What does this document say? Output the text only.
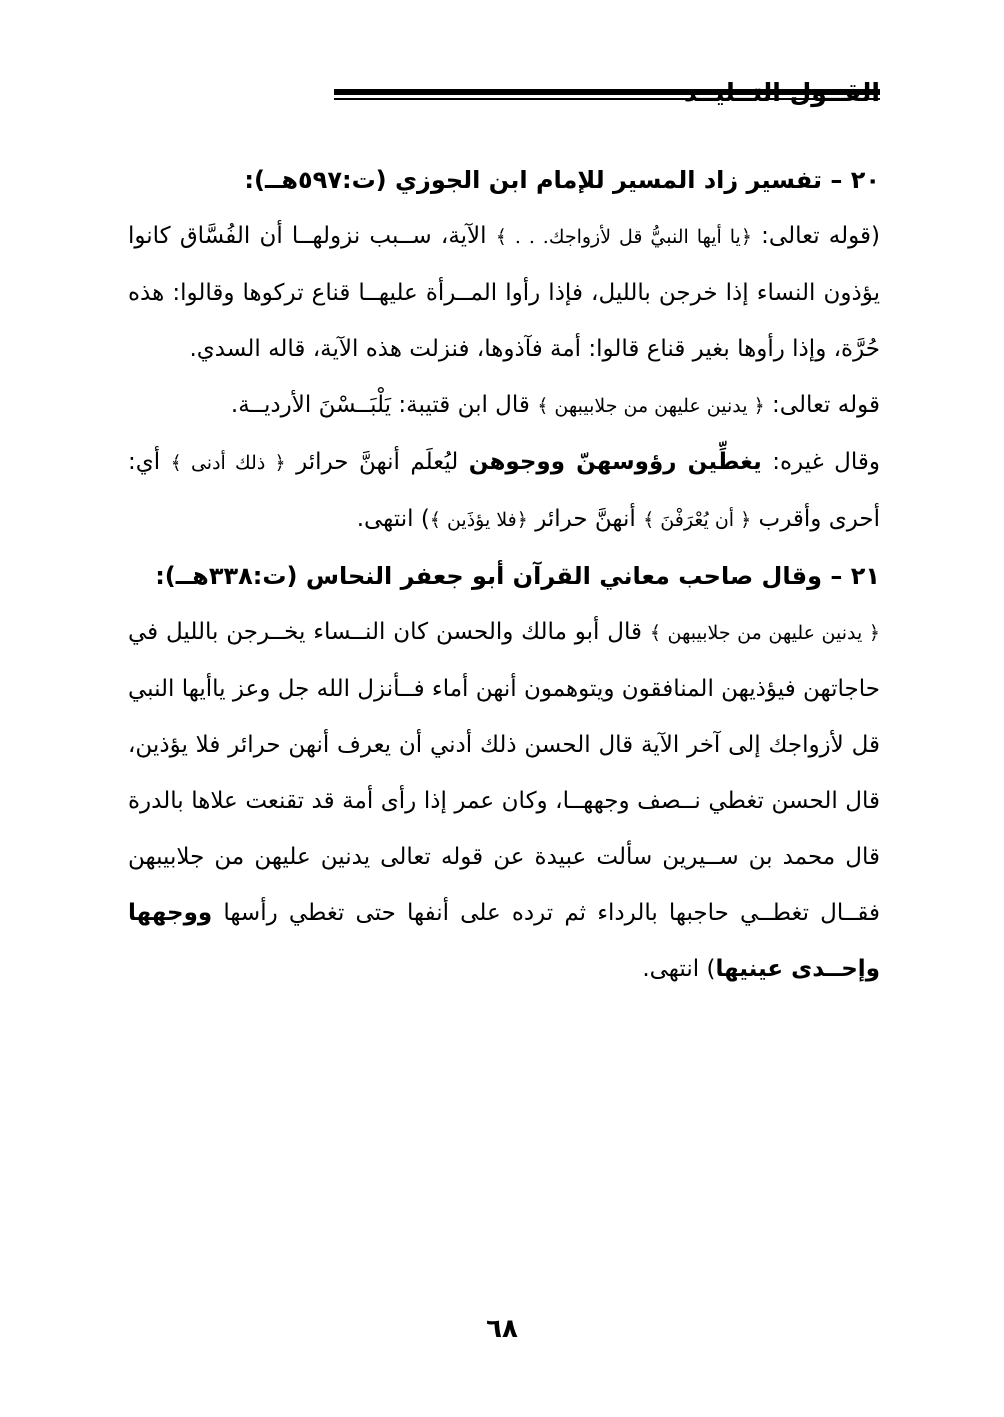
٢٠ – تفسير زاد المسير للإمام ابن الجوزي (ت:٥٩٧هــ):

(قوله تعالى: ﴿يا أيها النبيُّ قل لأزواجك. . . ﴾ الآية، ســبب نزولهــا أن الفُسَّاق كانوا يؤذون النساء إذا خرجن بالليل، فإذا رأوا المــرأة عليهــا قناع تركوها وقالوا: هذه حُرَّة، وإذا رأوها بغير قناع قالوا: أمة فآذوها، فنزلت هذه الآية، قاله السدي.

قوله تعالى: ﴿ يدنين عليهن من جلابيبهن ﴾ قال ابن قتيبة: يَلْبَــسْنَ الأرديــة.

وقال غيره: يغطِّين رؤوسهنّ ووجوهن ليُعلَم أنهنَّ حرائر ﴿ ذلك أدنى ﴾ أي: أحرى وأقرب ﴿ أن يُعْرَفْنَ ﴾ أنهنَّ حرائر ﴿فلا يؤذَين ﴾) انتهى.

٢١ – وقال صاحب معاني القرآن أبو جعفر النحاس (ت:٣٣٨هــ):

﴿ يدنين عليهن من جلابيبهن ﴾ قال أبو مالك والحسن كان النــساء يخــرجن بالليل في حاجاتهن فيؤذيهن المنافقون ويتوهمون أنهن أماء فــأنزل الله جل وعز ياأيها النبي قل لأزواجك إلى آخر الآية قال الحسن ذلك أدني أن يعرف أنهن حرائر فلا يؤذين، قال الحسن تغطي نــصف وجههــا، وكان عمر إذا رأى أمة قد تقنعت علاها بالدرة قال محمد بن ســيرين سألت عبيدة عن قوله تعالى يدنين عليهن من جلابيبهن فقــال تغطــي حاجبها بالرداء ثم ترده على أنفها حتى تغطي رأسها ووجهها وإحــدى عينيها) انتهى.

٦٨
